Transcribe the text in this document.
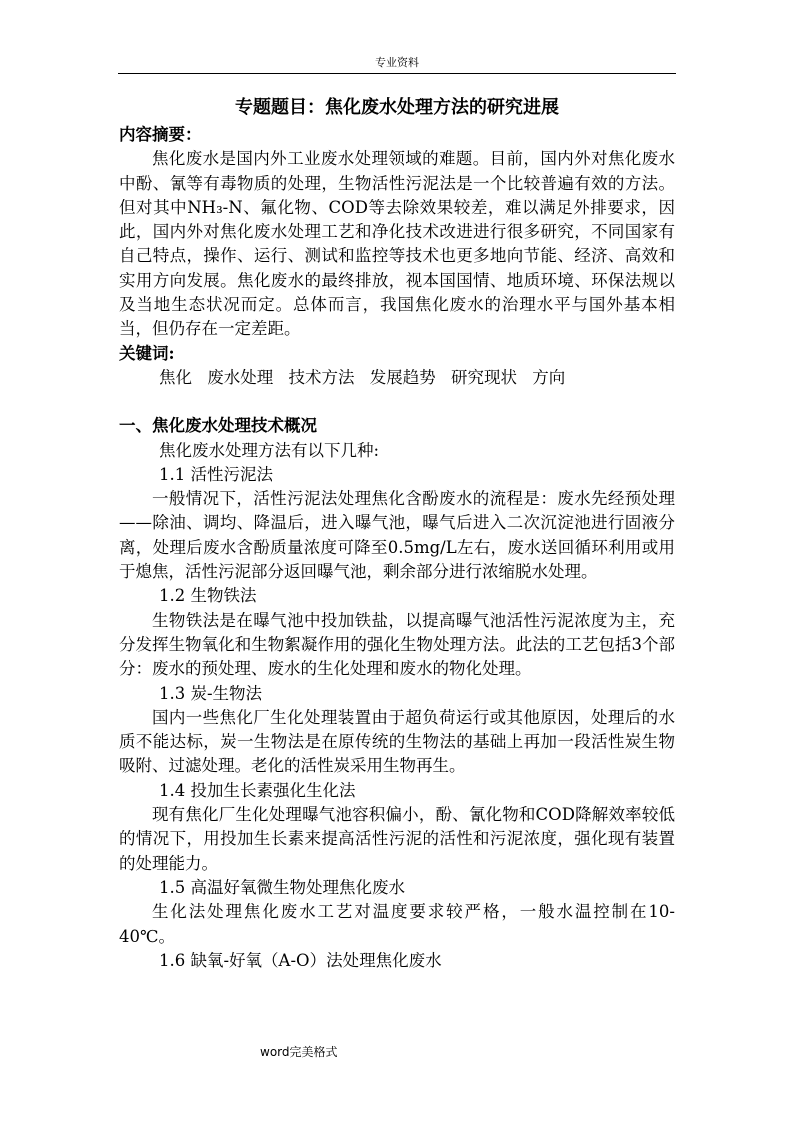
专业资料

专题题目：焦化废水处理方法的研究进展

内容摘要：

焦化废水是国内外工业废水处理领域的难题。目前，国内外对焦化废水中酚、氰等有毒物质的处理，生物活性污泥法是一个比较普遍有效的方法。但对其中NH₃-N、氟化物、COD等去除效果较差，难以满足外排要求，因此，国内外对焦化废水处理工艺和净化技术改进进行很多研究，不同国家有自己特点，操作、运行、测试和监控等技术也更多地向节能、经济、高效和实用方向发展。焦化废水的最终排放，视本国国情、地质环境、环保法规以及当地生态状况而定。总体而言，我国焦化废水的治理水平与国外基本相当，但仍存在一定差距。

关键词:

焦化 废水处理 技术方法 发展趋势 研究现状 方向

一、焦化废水处理技术概况

焦化废水处理方法有以下几种:

1.1 活性污泥法

一般情况下，活性污泥法处理焦化含酚废水的流程是：废水先经预处理——除油、调均、降温后，进入曝气池，曝气后进入二次沉淀池进行固液分离，处理后废水含酚质量浓度可降至0.5mg/L左右，废水送回循环利用或用于熄焦，活性污泥部分返回曝气池，剩余部分进行浓缩脱水处理。

1.2 生物铁法

生物铁法是在曝气池中投加铁盐，以提高曝气池活性污泥浓度为主，充分发挥生物氧化和生物絮凝作用的强化生物处理方法。此法的工艺包括3个部分：废水的预处理、废水的生化处理和废水的物化处理。

1.3 炭-生物法

国内一些焦化厂生化处理装置由于超负荷运行或其他原因，处理后的水质不能达标，炭一生物法是在原传统的生物法的基础上再加一段活性炭生物吸附、过滤处理。老化的活性炭采用生物再生。

1.4 投加生长素强化生化法

现有焦化厂生化处理曝气池容积偏小，酚、氰化物和COD降解效率较低的情况下，用投加生长素来提高活性污泥的活性和污泥浓度，强化现有装置的处理能力。

1.5 高温好氧微生物处理焦化废水

生化法处理焦化废水工艺对温度要求较严格，一般水温控制在10-40℃。

1.6 缺氧-好氧（A-O）法处理焦化废水

word完美格式
